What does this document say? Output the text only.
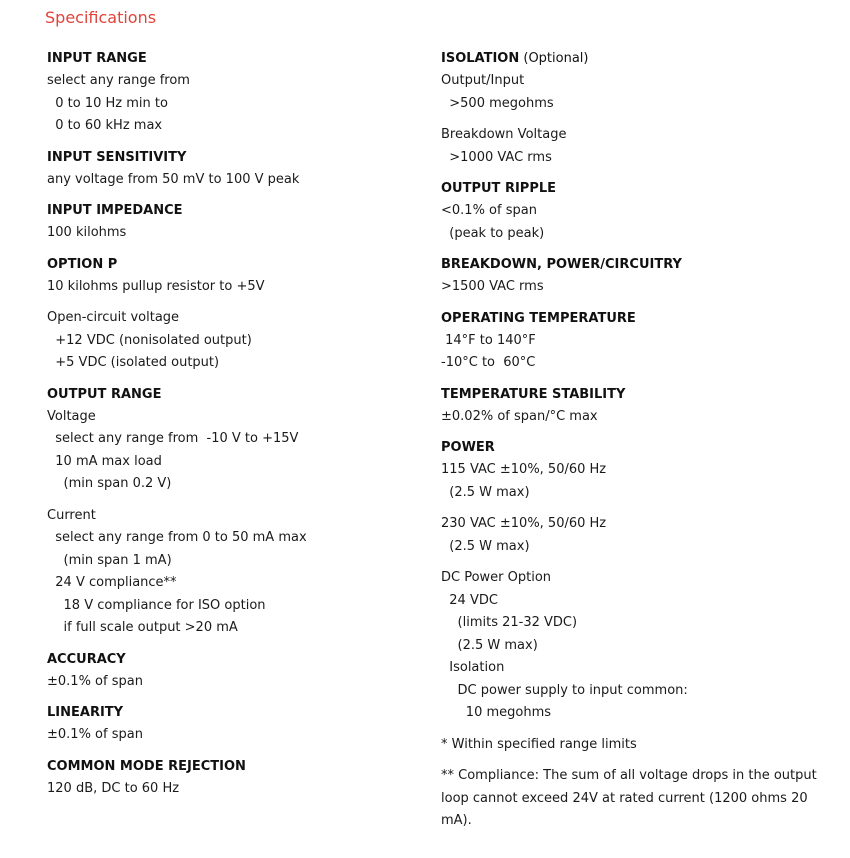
Specifications
INPUT RANGE
select any range from
0 to 10 Hz min to
0 to 60 kHz max
INPUT SENSITIVITY
any voltage from 50 mV to 100 V peak
INPUT IMPEDANCE
100 kilohms
OPTION P
10 kilohms pullup resistor to +5V
Open-circuit voltage
+12 VDC (nonisolated output)
+5 VDC (isolated output)
OUTPUT RANGE
Voltage
select any range from  -10 V to +15V
10 mA max load
(min span 0.2 V)
Current
select any range from 0 to 50 mA max
(min span 1 mA)
24 V compliance**
18 V compliance for ISO option
if full scale output >20 mA
ACCURACY
±0.1% of span
LINEARITY
±0.1% of span
COMMON MODE REJECTION
120 dB, DC to 60 Hz
ISOLATION (Optional)
Output/Input
>500 megohms
Breakdown Voltage
>1000 VAC rms
OUTPUT RIPPLE
<0.1% of span
(peak to peak)
BREAKDOWN, POWER/CIRCUITRY
>1500 VAC rms
OPERATING TEMPERATURE
14°F to 140°F
-10°C to  60°C
TEMPERATURE STABILITY
±0.02% of span/°C max
POWER
115 VAC ±10%, 50/60 Hz
(2.5 W max)
230 VAC ±10%, 50/60 Hz
(2.5 W max)
DC Power Option
24 VDC
(limits 21-32 VDC)
(2.5 W max)
Isolation
DC power supply to input common:
10 megohms
* Within specified range limits
** Compliance: The sum of all voltage drops in the output loop cannot exceed 24V at rated current (1200 ohms 20 mA).
